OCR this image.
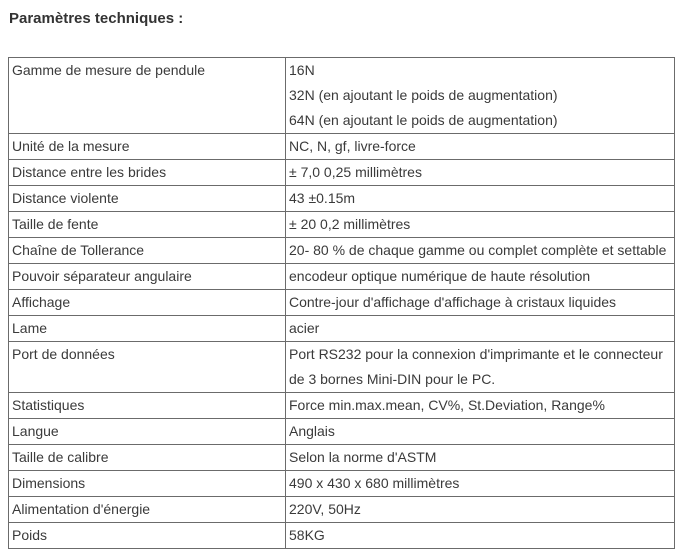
Paramètres techniques :
Gamme de mesure de pendule	16N
32N (en ajoutant le poids de augmentation)
64N (en ajoutant le poids de augmentation)

Unité de la mesure	NC, N, gf, livre-force

Distance entre les brides	± 7,0 0,25 millimètres

Distance violente	43 ±0.15m

Taille de fente	± 20 0,2 millimètres

Chaîne de Tollerance	20- 80 % de chaque gamme ou complet complète et settable

Pouvoir séparateur angulaire	encodeur optique numérique de haute résolution

Affichage	Contre-jour d'affichage d'affichage à cristaux liquides

Lame	acier

Port de données	Port RS232 pour la connexion d'imprimante et le connecteur
de 3 bornes Mini-DIN pour le PC.

Statistiques	Force min.max.mean, CV%, St.Deviation, Range%

Langue	Anglais

Taille de calibre	Selon la norme d'ASTM

Dimensions	490 x 430 x 680 millimètres

Alimentation d'énergie	220V, 50Hz

Poids	58KG
